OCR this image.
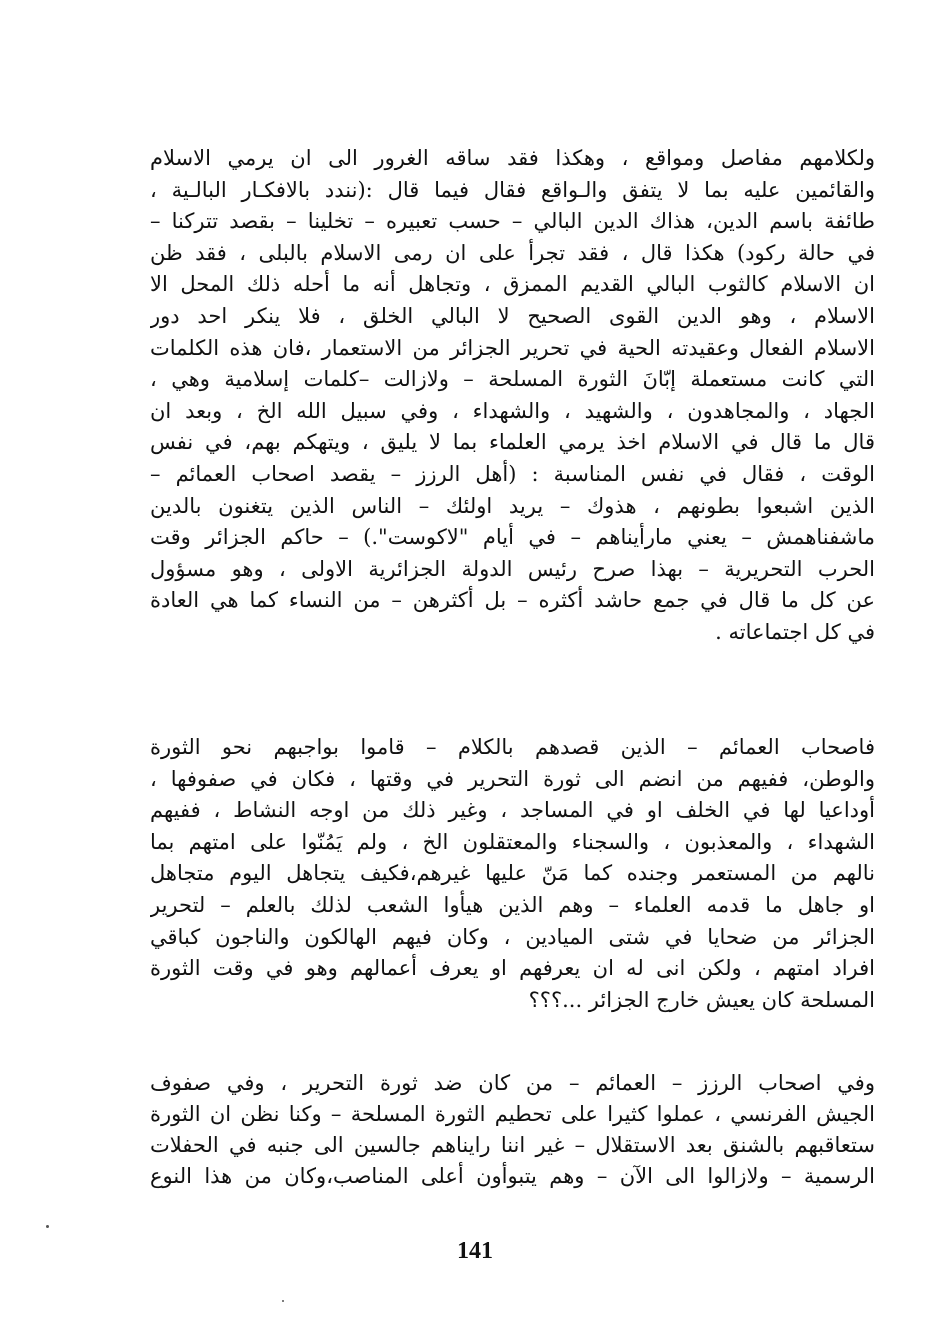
ولكلامهم مفاصل ومواقع ، وهكذا فقد ساقه الغرور الى ان يرمي الاسلام
والقائمين عليه بما لا يتفق والـواقع فقال فيما قال :(نندد بالافكـار البالـية ،
طائفة باسم الدين، هذاك الدين البالي – حسب تعبيره – تخلينا – بقصد تتركنا –
في حالة ركود) هكذا قال ، فقد تجرأ على ان رمى الاسلام بالبلى ، فقد ظن
ان الاسلام كالثوب البالي القديم الممزق ، وتجاهل أنه ما أحله ذلك المحل الا
الاسلام ، وهو الدين القوى الصحيح لا البالي الخلق ، فلا ينكر احد دور
الاسلام الفعال وعقيدته الحية في تحرير الجزائر من الاستعمار ،فان هذه الكلمات
التي كانت مستعملة إبّانَ الثورة المسلحة – ولازالت –كلمات إسلامية وهي ،
الجهاد ، والمجاهدون ، والشهيد ، والشهداء ، وفي سبيل الله الخ ، وبعد ان
قال ما قال في الاسلام اخذ يرمي العلماء بما لا يليق ، ويتهكم بهم، في نفس
الوقت ، فقال في نفس المناسبة : (أهل الرزز – يقصد اصحاب العمائم –
الذين اشبعوا بطونهم ، هذوك – يريد اولئك – الناس الذين يتغنون بالدين
ماشفناهمش – يعني مارأيناهم – في أيام "لاكوست".) – حاكم الجزائر وقت
الحرب التحريرية – بهذا صرح رئيس الدولة الجزائرية الاولى ، وهو مسؤول
عن كل ما قال في جمع حاشد أكثره – بل أكثرهن – من النساء كما هي العادة
في كل اجتماعاته .
فاصحاب العمائم – الذين قصدهم بالكلام – قاموا بواجبهم نحو الثورة
والوطن، ففيهم من انضم الى ثورة التحرير في وقتها ، فكان في صفوفها ،
أوداعيا لها في الخلف او في المساجد ، وغير ذلك من اوجه النشاط ، ففيهم
الشهداء ، والمعذبون ، والسجناء والمعتقلون الخ ، ولم يَمُنّوا على امتهم بما
نالهم من المستعمر وجنده كما مَنّ عليها غيرهم،فكيف يتجاهل اليوم متجاهل
او جاهل ما قدمه العلماء – وهم الذين هيأوا الشعب لذلك بالعلم – لتحرير
الجزائر من ضحايا في شتى الميادين ، وكان فيهم الهالكون والناجون كباقي
افراد امتهم ، ولكن انى له ان يعرفهم او يعرف أعمالهم وهو في وقت الثورة
المسلحة كان يعيش خارج الجزائر ...؟؟؟
وفي اصحاب الرزز – العمائم – من كان ضد ثورة التحرير ، وفي صفوف
الجيش الفرنسي ، عملوا كثيرا على تحطيم الثورة المسلحة – وكنا نظن ان الثورة
ستعاقبهم بالشنق بعد الاستقلال – غير اننا رايناهم جالسين الى جنبه في الحفلات
الرسمية – ولازالوا الى الآن – وهم يتبوأون أعلى المناصب،وكان من هذا النوع
141
